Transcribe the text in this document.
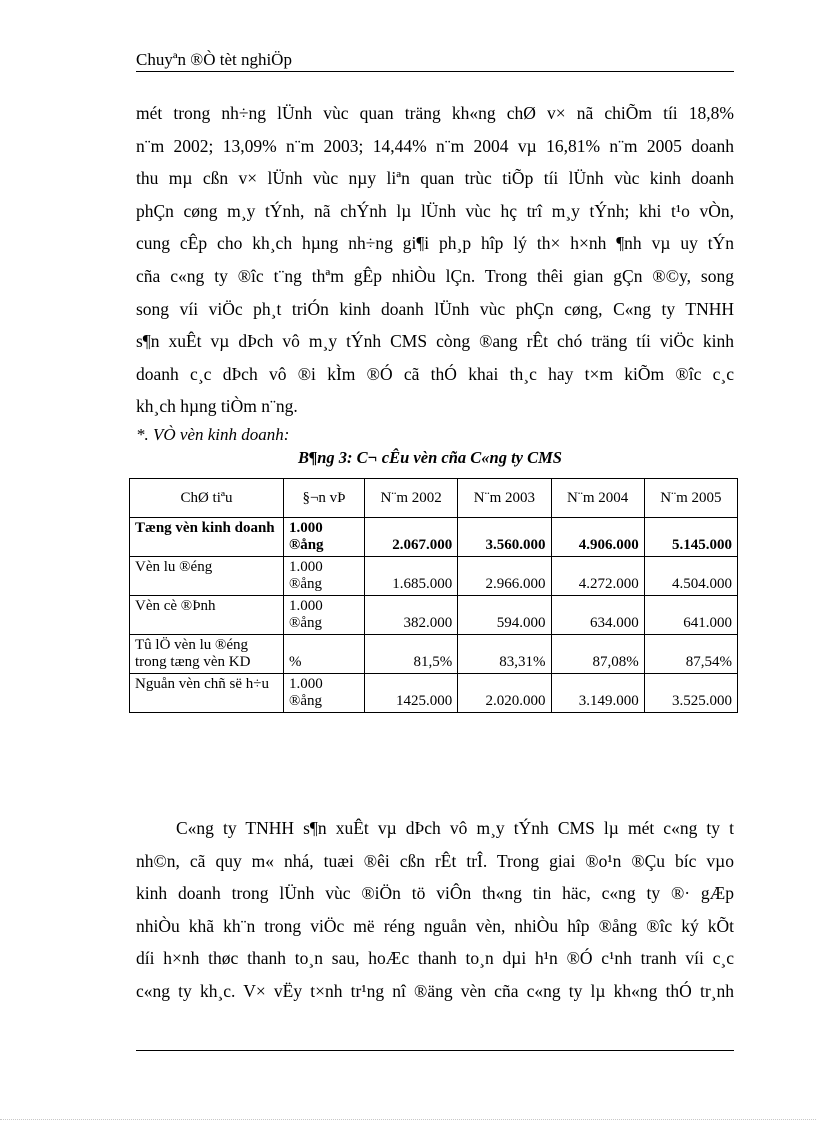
Chuyªn ®Ò tèt nghiÖp
mét trong nh÷ng lÜnh vùc quan träng kh«ng chØ v× nã chiÕm tíi 18,8%
n¨m 2002; 13,09% n¨m 2003; 14,44% n¨m 2004 vµ 16,81% n¨m 2005 doanh
thu mµ cßn v× lÜnh vùc nµy liªn quan trùc tiÕp tíi lÜnh vùc kinh doanh
phÇn cøng m¸y tÝnh, nã chÝnh lµ lÜnh vùc hç trî m¸y tÝnh; khi t¹o vÒn,
cung cÊp cho kh¸ch hµng nh÷ng gi¶i ph¸p hîp lý th× h×nh ¶nh vµ uy tÝn
cña c«ng ty ®îc t¨ng thªm gÊp nhiÒu lÇn. Trong thêi gian gÇn ®©y, song
song víi viÖc ph¸t triÓn kinh doanh lÜnh vùc phÇn cøng, C«ng ty TNHH
s¶n xuÊt vµ dÞch vô m¸y tÝnh CMS còng ®ang rÊt chó träng tíi viÖc kinh
doanh c¸c dÞch vô ®i kÌm ®Ó cã thÓ khai th¸c hay t×m kiÕm ®îc c¸c
kh¸ch hµng tiÒm n¨ng.
*. VÒ vèn kinh doanh:
B¶ng 3: C¬ cÊu vèn cña C«ng ty CMS
ChØ tiªu	§¬n vÞ	N¨m 2002	N¨m 2003	N¨m 2004	N¨m 2005
Tæng vèn kinh doanh	1.000 ®ång	2.067.000	3.560.000	4.906.000	5.145.000
Vèn lu ®éng	1.000 ®ång	1.685.000	2.966.000	4.272.000	4.504.000
Vèn cè ®Þnh	1.000 ®ång	382.000	594.000	634.000	641.000
Tû lÖ vèn lu ®éng trong tæng vèn KD	%	81,5%	83,31%	87,08%	87,54%
Nguån vèn chñ së h÷u	1.000 ®ång	1425.000	2.020.000	3.149.000	3.525.000
C«ng ty TNHH s¶n xuÊt vµ dÞch vô m¸y tÝnh CMS lµ mét c«ng ty t
nh©n, cã quy m« nhá, tuæi ®êi cßn rÊt trÎ. Trong giai ®o¹n ®Çu bíc vµo
kinh doanh trong lÜnh vùc ®iÖn tö viÔn th«ng tin häc, c«ng ty ®· gÆp
nhiÒu khã kh¨n trong viÖc më réng nguån vèn, nhiÒu hîp ®ång ®îc ký kÕt
díi h×nh thøc thanh to¸n sau, hoÆc thanh to¸n dµi h¹n ®Ó c¹nh tranh víi c¸c
c«ng ty kh¸c. V× vËy t×nh tr¹ng nî ®äng vèn cña c«ng ty lµ kh«ng thÓ tr¸nh
